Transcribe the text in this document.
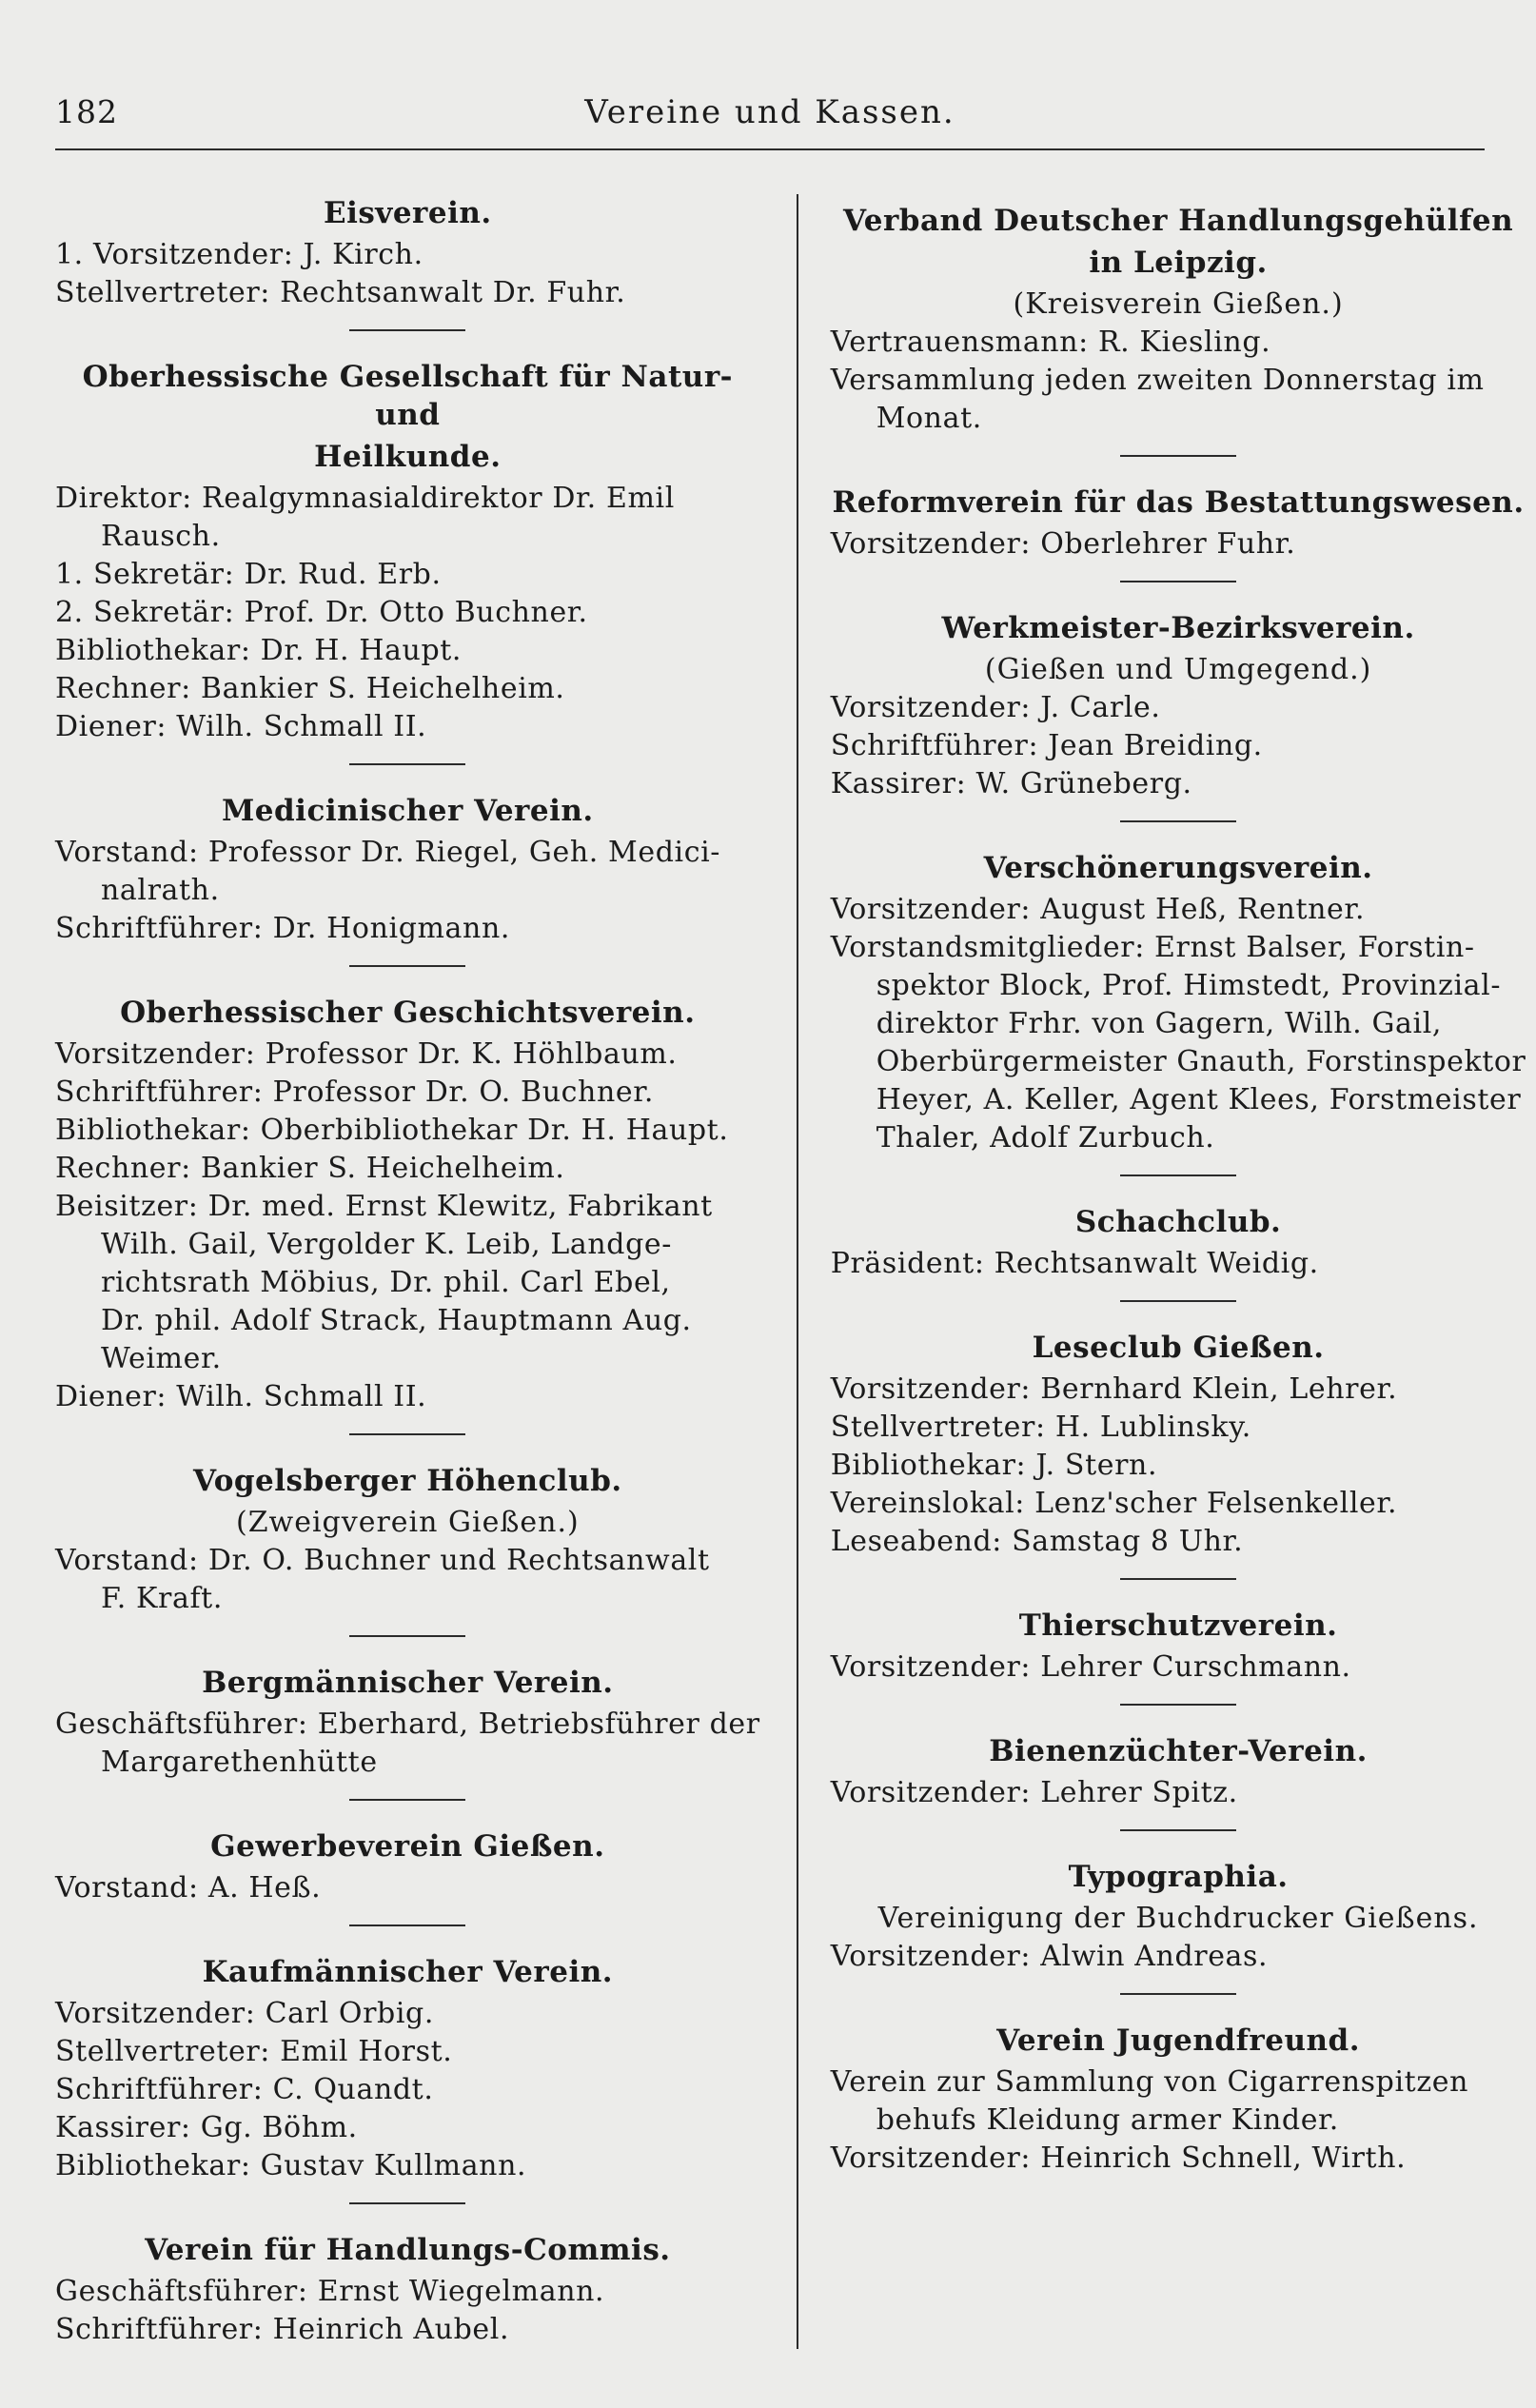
182	Vereine und Kassen.
Eisverein.
1. Vorsitzender: J. Kirch.
Stellvertreter: Rechtsanwalt Dr. Fuhr.
Oberhessische Gesellschaft für Natur- und
Heilkunde.
Direktor: Realgymnasialdirektor Dr. Emil
Rausch.
1. Sekretär: Dr. Rud. Erb.
2. Sekretär: Prof. Dr. Otto Buchner.
Bibliothekar: Dr. H. Haupt.
Rechner: Bankier S. Heichelheim.
Diener: Wilh. Schmall II.
Medicinischer Verein.
Vorstand: Professor Dr. Riegel, Geh. Medici-
nalrath.
Schriftführer: Dr. Honigmann.
Oberhessischer Geschichtsverein.
Vorsitzender: Professor Dr. K. Höhlbaum.
Schriftführer: Professor Dr. O. Buchner.
Bibliothekar: Oberbibliothekar Dr. H. Haupt.
Rechner: Bankier S. Heichelheim.
Beisitzer: Dr. med. Ernst Klewitz, Fabrikant
Wilh. Gail, Vergolder K. Leib, Landge-
richtsrath Möbius, Dr. phil. Carl Ebel,
Dr. phil. Adolf Strack, Hauptmann Aug.
Weimer.
Diener: Wilh. Schmall II.
Vogelsberger Höhenclub.
(Zweigverein Gießen.)
Vorstand: Dr. O. Buchner und Rechtsanwalt
F. Kraft.
Bergmännischer Verein.
Geschäftsführer: Eberhard, Betriebsführer der
Margarethenhütte
Gewerbeverein Gießen.
Vorstand: A. Heß.
Kaufmännischer Verein.
Vorsitzender: Carl Orbig.
Stellvertreter: Emil Horst.
Schriftführer: C. Quandt.
Kassirer: Gg. Böhm.
Bibliothekar: Gustav Kullmann.
Verein für Handlungs-Commis.
Geschäftsführer: Ernst Wiegelmann.
Schriftführer: Heinrich Aubel.
Verband Deutscher Handlungsgehülfen
in Leipzig.
(Kreisverein Gießen.)
Vertrauensmann: R. Kiesling.
Versammlung jeden zweiten Donnerstag im
Monat.
Reformverein für das Bestattungswesen.
Vorsitzender: Oberlehrer Fuhr.
Werkmeister-Bezirksverein.
(Gießen und Umgegend.)
Vorsitzender: J. Carle.
Schriftführer: Jean Breiding.
Kassirer: W. Grüneberg.
Verschönerungsverein.
Vorsitzender: August Heß, Rentner.
Vorstandsmitglieder: Ernst Balser, Forstin-
spektor Block, Prof. Himstedt, Provinzial-
direktor Frhr. von Gagern, Wilh. Gail,
Oberbürgermeister Gnauth, Forstinspektor
Heyer, A. Keller, Agent Klees, Forstmeister
Thaler, Adolf Zurbuch.
Schachclub.
Präsident: Rechtsanwalt Weidig.
Leseclub Gießen.
Vorsitzender: Bernhard Klein, Lehrer.
Stellvertreter: H. Lublinsky.
Bibliothekar: J. Stern.
Vereinslokal: Lenz'scher Felsenkeller.
Leseabend: Samstag 8 Uhr.
Thierschutzverein.
Vorsitzender: Lehrer Curschmann.
Bienenzüchter-Verein.
Vorsitzender: Lehrer Spitz.
Typographia.
Vereinigung der Buchdrucker Gießens.
Vorsitzender: Alwin Andreas.
Verein Jugendfreund.
Verein zur Sammlung von Cigarrenspitzen
behufs Kleidung armer Kinder.
Vorsitzender: Heinrich Schnell, Wirth.
